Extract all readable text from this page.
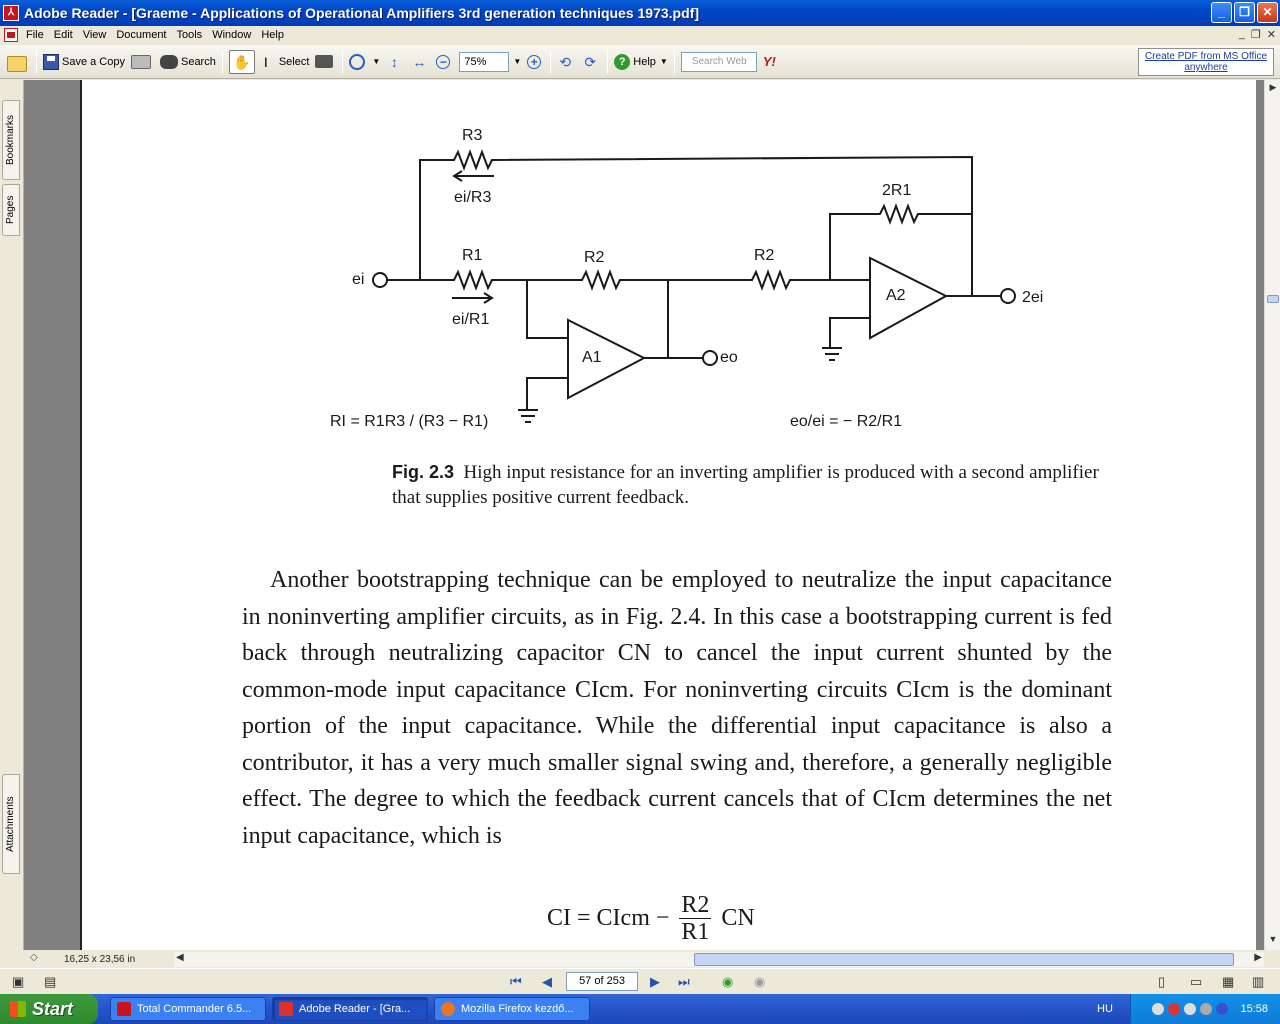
⅄ Adobe Reader - [Graeme - Applications of Operational Amplifiers 3rd generation techniques 1973.pdf]	_	❐	✕
File Edit View Document Tools Window Help	_ ❐ ✕
Save a Copy	Search	✋ I	Select	▼ ↕	↔ −	75%	▼ + ⟲ ⟳	? Help ▼	Search Web	Y!	Create PDF from MS Office
anywhere
Bookmarks
Pages
Attachments
R3
ei/R3
R1
ei/R1
R2	R2
2R1
A1
A2
ei
eo
2ei
RI = R1R3 / (R3 − R1)	eo/ei = − R2/R1
Fig. 2.3 High input resistance for an inverting amplifier is produced with a second amplifier that supplies positive current feedback.

Another bootstrapping technique can be employed to neutralize the input capacitance in noninverting amplifier circuits, as in Fig. 2.4. In this case a bootstrapping current is fed back through neutralizing capacitor CN to cancel the input current shunted by the common-mode input capacitance CIcm. For noninverting circuits CIcm is the dominant portion of the input capacitance. While the differential input capacitance is also a contributor, it has a very much smaller signal swing and, therefore, a generally negligible effect. The degree to which the feedback current cancels that of CIcm determines the net input capacitance, which is

CI = CIcm − $\frac{R2}{R1}$ CN
▶
▼
◇	16,25 x 23,56 in	◀	▶
▣ ▤	⏮ ◀	57 of 253	▶ ⏭ ◉ ◉	▯ ▭ ▦ ▥
Start	Total Commander 6.5...	Adobe Reader - [Gra...	Mozilla Firefox kezdő...	HU	15:58
